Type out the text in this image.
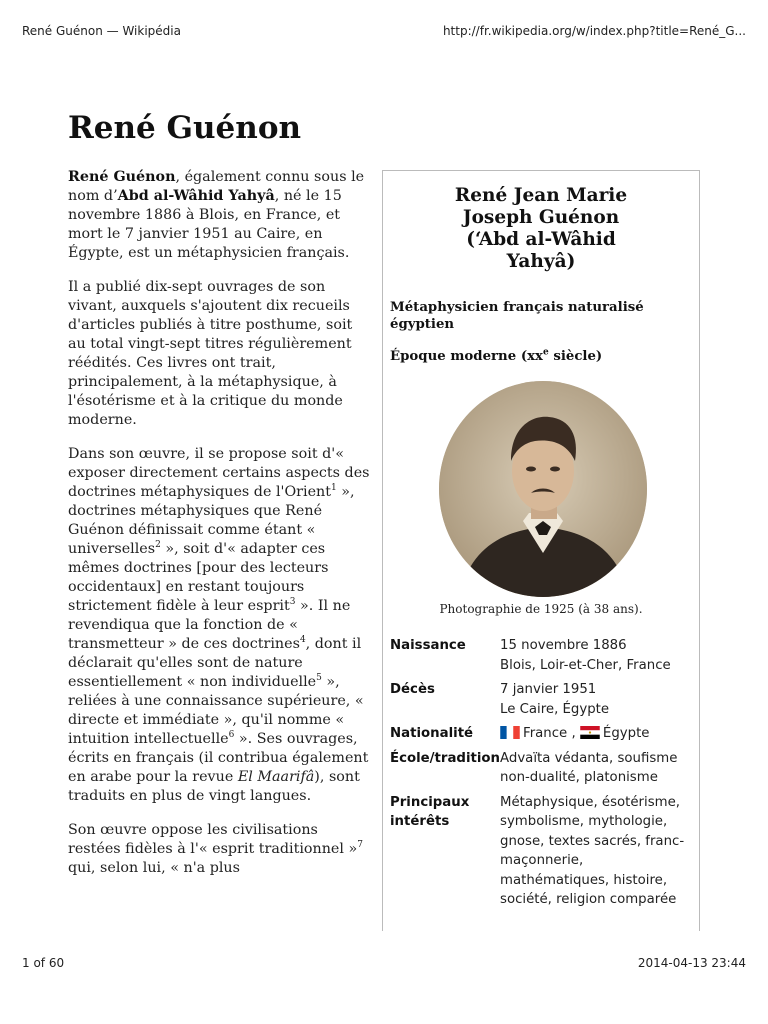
René Guénon — Wikipédia	http://fr.wikipedia.org/w/index.php?title=René_G...
René Guénon

René Guénon, également connu sous le nom d’Abd al-Wâhid Yahyâ, né le 15 novembre 1886 à Blois, en France, et mort le 7 janvier 1951 au Caire, en Égypte, est un métaphysicien français.

Il a publié dix-sept ouvrages de son vivant, auxquels s'ajoutent dix recueils d'articles publiés à titre posthume, soit au total vingt-sept titres régulièrement réédités. Ces livres ont trait, principalement, à la métaphysique, à l'ésotérisme et à la critique du monde moderne.

Dans son œuvre, il se propose soit d'« exposer directement certains aspects des doctrines métaphysiques de l'Orient$^1$ », doctrines métaphysiques que René Guénon définissait comme étant « universelles$^2$ », soit d'« adapter ces mêmes doctrines [pour des lecteurs occidentaux] en restant toujours strictement fidèle à leur esprit$^3$ ». Il ne revendiqua que la fonction de « transmetteur » de ces doctrines$^4$, dont il déclarait qu'elles sont de nature essentiellement « non individuelle$^5$ », reliées à une connaissance supérieure, « directe et immédiate », qu'il nomme « intuition intellectuelle$^6$ ». Ses ouvrages, écrits en français (il contribua également en arabe pour la revue El Maarifâ), sont traduits en plus de vingt langues.

Son œuvre oppose les civilisations restées fidèles à l'« esprit traditionnel »$^7$ qui, selon lui, « n'a plus

René Jean Marie Joseph Guénon (ʻAbd al-Wâhid Yahyâ)
Métaphysicien français naturalisé égyptien
Époque moderne ($xx^e$ siècle)
Photographie de 1925 (à 38 ans).
Naissance	15 novembre 1886
Blois, Loir-et-Cher, France

Décès	7 janvier 1951
Le Caire, Égypte

Nationalité	France , Égypte
École/tradition	Advaïta védanta, soufisme non-dualité, platonisme
Principaux intérêts	Métaphysique, ésotérisme, symbolisme, mythologie, gnose, textes sacrés, franc-maçonnerie, mathématiques, histoire, société, religion comparée
1 of 60	2014-04-13 23:44
